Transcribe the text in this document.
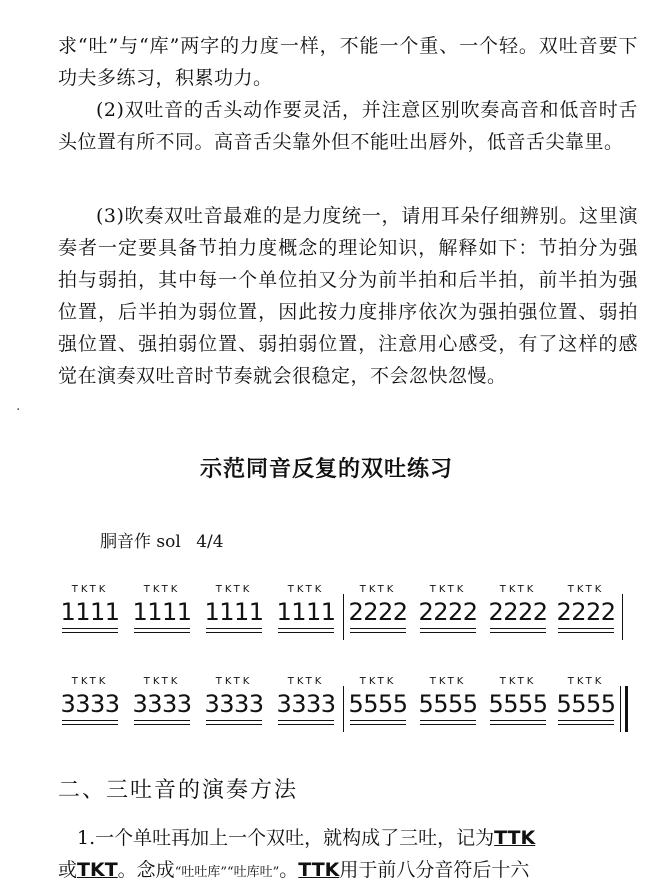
求“吐”与“库”两字的力度一样，不能一个重、一个轻。双吐音要下功夫多练习，积累功力。

(2)双吐音的舌头动作要灵活，并注意区别吹奏高音和低音时舌头位置有所不同。高音舌尖靠外但不能吐出唇外，低音舌尖靠里。

(3)吹奏双吐音最难的是力度统一，请用耳朵仔细辨别。这里演奏者一定要具备节拍力度概念的理论知识，解释如下：节拍分为强拍与弱拍，其中每一个单位拍又分为前半拍和后半拍，前半拍为强位置，后半拍为弱位置，因此按力度排序依次为强拍强位置、弱拍强位置、强拍弱位置、弱拍弱位置，注意用心感受，有了这样的感觉在演奏双吐音时节奏就会很稳定，不会忽快忽慢。

·
示范同音反复的双吐练习
胴音作 sol 4/4
TKTK
1111
TKTK
1111
TKTK
1111
TKTK
1111
TKTK
2222
TKTK
2222
TKTK
2222
TKTK
2222
TKTK
3333
TKTK
3333
TKTK
3333
TKTK
3333
TKTK
5555
TKTK
5555
TKTK
5555
TKTK
5555
二、三吐音的演奏方法

　1.一个单吐再加上一个双吐，就构成了三吐，记为TTK
或TKT。念成“吐吐库”“吐库吐”。TTK用于前八分音符后十六
